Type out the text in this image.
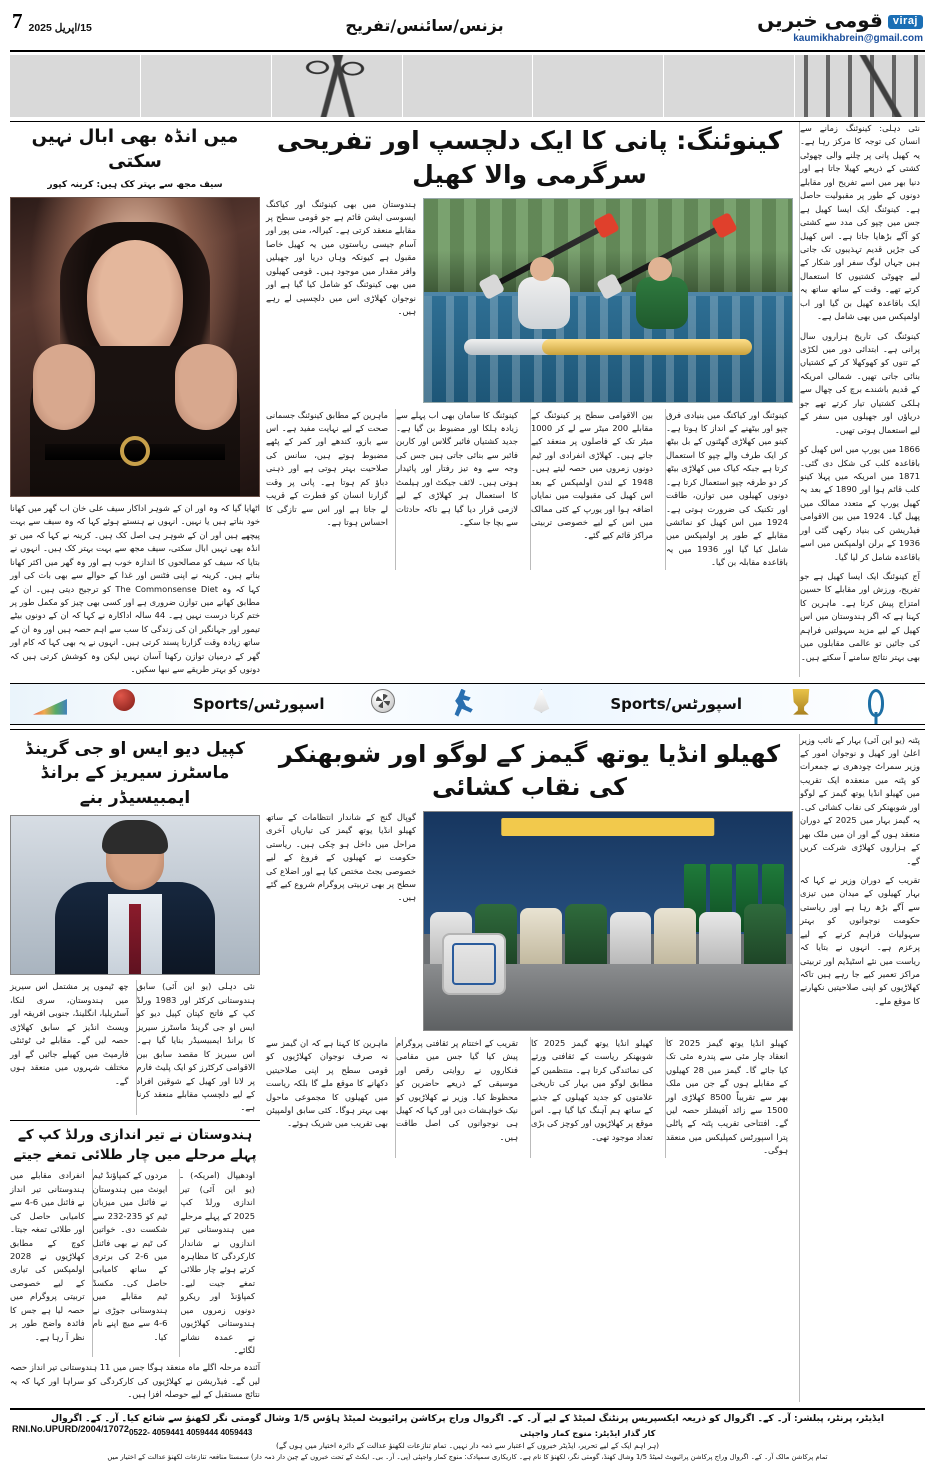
7 15/اپریل 2025	بزنس/سائنس/تفریح	virajقومی خبریں
kaumikhabrein@gmail.com
میں انڈہ بھی ابال نہیں سکتی
سیف مجھ سے بہتر کک ہیں: کرینہ کپور
اٹھایا گیا کہ وہ اور ان کے شوہر اداکار سیف علی خان اب گھر میں کھانا خود بناتے ہیں یا نہیں۔ انہوں نے ہنستے ہوئے کہا کہ وہ سیف سے بہت پیچھے ہیں اور ان کے شوہر ہی اصل کک ہیں۔ کرینہ نے کہا کہ میں تو انڈہ بھی نہیں ابال سکتی، سیف مجھ سے بہت بہتر کک ہیں۔ انہوں نے بتایا کہ سیف کو مصالحوں کا اندازہ خوب ہے اور وہ گھر میں اکثر کھانا بناتے ہیں۔ کرینہ نے اپنی فٹنس اور غذا کے حوالے سے بھی بات کی اور کہا کہ وہ The Commonsense Diet کو ترجیح دیتی ہیں۔ ان کے مطابق کھانے میں توازن ضروری ہے اور کسی بھی چیز کو مکمل طور پر ختم کرنا درست نہیں ہے۔ 44 سالہ اداکارہ نے کہا کہ ان کے دونوں بیٹے تیمور اور جہانگیر ان کی زندگی کا سب سے اہم حصہ ہیں اور وہ ان کے ساتھ زیادہ وقت گزارنا پسند کرتی ہیں۔ انہوں نے یہ بھی کہا کہ کام اور گھر کے درمیان توازن رکھنا آسان نہیں لیکن وہ کوشش کرتی ہیں کہ دونوں کو بہتر طریقے سے نبھا سکیں۔
کینوئنگ: پانی کا ایک دلچسپ اور تفریحی سرگرمی والا کھیل
ہندوستان میں بھی کینوئنگ اور کیاکنگ ایسوسی ایشن قائم ہے جو قومی سطح پر مقابلے منعقد کرتی ہے۔ کیرالہ، منی پور اور آسام جیسی ریاستوں میں یہ کھیل خاصا مقبول ہے کیونکہ وہاں دریا اور جھیلیں وافر مقدار میں موجود ہیں۔ قومی کھیلوں میں بھی کینوئنگ کو شامل کیا گیا ہے اور نوجوان کھلاڑی اس میں دلچسپی لے رہے ہیں۔
ماہرین کے مطابق کینوئنگ جسمانی صحت کے لیے نہایت مفید ہے۔ اس سے بازو، کندھے اور کمر کے پٹھے مضبوط ہوتے ہیں، سانس کی صلاحیت بہتر ہوتی ہے اور ذہنی دباؤ کم ہوتا ہے۔ پانی پر وقت گزارنا انسان کو فطرت کے قریب لے جاتا ہے اور اس سے تازگی کا احساس ہوتا ہے۔
کینوئنگ کا سامان بھی اب پہلے سے زیادہ ہلکا اور مضبوط بن گیا ہے۔ جدید کشتیاں فائبر گلاس اور کاربن فائبر سے بنائی جاتی ہیں جس کی وجہ سے وہ تیز رفتار اور پائیدار ہوتی ہیں۔ لائف جیکٹ اور ہیلمٹ کا استعمال ہر کھلاڑی کے لیے لازمی قرار دیا گیا ہے تاکہ حادثات سے بچا جا سکے۔
بین الاقوامی سطح پر کینوئنگ کے مقابلے 200 میٹر سے لے کر 1000 میٹر تک کے فاصلوں پر منعقد کیے جاتے ہیں۔ کھلاڑی انفرادی اور ٹیم دونوں زمروں میں حصہ لیتے ہیں۔ 1948 کے لندن اولمپکس کے بعد اس کھیل کی مقبولیت میں نمایاں اضافہ ہوا اور یورپ کے کئی ممالک میں اس کے لیے خصوصی تربیتی مراکز قائم کیے گئے۔
کینوئنگ اور کیاکنگ میں بنیادی فرق چپو اور بیٹھنے کے انداز کا ہوتا ہے۔ کینو میں کھلاڑی گھٹنوں کے بل بیٹھ کر ایک طرف والے چپو کا استعمال کرتا ہے جبکہ کیاک میں کھلاڑی بیٹھ کر دو طرفہ چپو استعمال کرتا ہے۔ دونوں کھیلوں میں توازن، طاقت اور تکنیک کی ضرورت ہوتی ہے۔ 1924 میں اس کھیل کو نمائشی مقابلے کے طور پر اولمپکس میں شامل کیا گیا اور 1936 میں یہ باقاعدہ مقابلہ بن گیا۔
نئی دہلی: کینوئنگ زمانے سے انسان کی توجہ کا مرکز رہا ہے۔ یہ کھیل پانی پر چلنے والی چھوٹی کشتی کے ذریعے کھیلا جاتا ہے اور دنیا بھر میں اسے تفریح اور مقابلے دونوں کے طور پر مقبولیت حاصل ہے۔ کینوئنگ ایک ایسا کھیل ہے جس میں چپو کی مدد سے کشتی کو آگے بڑھایا جاتا ہے۔ اس کھیل کی جڑیں قدیم تہذیبوں تک جاتی ہیں جہاں لوگ سفر اور شکار کے لیے چھوٹی کشتیوں کا استعمال کرتے تھے۔ وقت کے ساتھ ساتھ یہ ایک باقاعدہ کھیل بن گیا اور اب اولمپکس میں بھی شامل ہے۔
کینوئنگ کی تاریخ ہزاروں سال پرانی ہے۔ ابتدائی دور میں لکڑی کے تنوں کو کھوکھلا کر کے کشتیاں بنائی جاتی تھیں۔ شمالی امریکہ کے قدیم باشندے برچ کی چھال سے ہلکی کشتیاں تیار کرتے تھے جو دریاؤں اور جھیلوں میں سفر کے لیے استعمال ہوتی تھیں۔
1866 میں یورپ میں اس کھیل کو باقاعدہ کلب کی شکل دی گئی۔ 1871 میں امریکہ میں پہلا کینو کلب قائم ہوا اور 1890 کے بعد یہ کھیل یورپ کے متعدد ممالک میں پھیل گیا۔ 1924 میں بین الاقوامی فیڈریشن کی بنیاد رکھی گئی اور 1936 کے برلن اولمپکس میں اسے باقاعدہ شامل کر لیا گیا۔
آج کینوئنگ ایک ایسا کھیل ہے جو تفریح، ورزش اور مقابلے کا حسین امتزاج پیش کرتا ہے۔ ماہرین کا کہنا ہے کہ اگر ہندوستان میں اس کھیل کے لیے مزید سہولتیں فراہم کی جائیں تو عالمی مقابلوں میں بھی بہتر نتائج سامنے آ سکتے ہیں۔
اسپورٹس/Sports	اسپورٹس/Sports
کپیل دیو ایس او جی گرینڈ ماسٹرز سیریز کے برانڈ ایمبیسیڈر بنے
چھ ٹیموں پر مشتمل اس سیریز میں ہندوستان، سری لنکا، آسٹریلیا، انگلینڈ، جنوبی افریقہ اور ویسٹ انڈیز کے سابق کھلاڑی حصہ لیں گے۔ مقابلے ٹی ٹوئنٹی فارمیٹ میں کھیلے جائیں گے اور مختلف شہروں میں منعقد ہوں گے۔
نئی دہلی (یو این آئی) سابق ہندوستانی کرکٹر اور 1983 ورلڈ کپ کے فاتح کپتان کپیل دیو کو ایس او جی گرینڈ ماسٹرز سیریز کا برانڈ ایمبیسیڈر بنایا گیا ہے۔ اس سیریز کا مقصد سابق بین الاقوامی کرکٹرز کو ایک پلیٹ فارم پر لانا اور کھیل کے شوقین افراد کے لیے دلچسپ مقابلے منعقد کرنا ہے۔
ہندوستان نے تیر اندازی ورلڈ کپ کے پہلے مرحلے میں چار طلائی تمغے جیتے
انفرادی مقابلے میں ہندوستانی تیر انداز نے فائنل میں 6-4 سے کامیابی حاصل کی اور طلائی تمغہ جیتا۔ کوچ کے مطابق کھلاڑیوں نے 2028 اولمپکس کی تیاری کے لیے خصوصی تربیتی پروگرام میں حصہ لیا ہے جس کا فائدہ واضح طور پر نظر آ رہا ہے۔
مردوں کے کمپاؤنڈ ٹیم ایونٹ میں ہندوستان نے فائنل میں میزبان ٹیم کو 235-232 سے شکست دی۔ خواتین کی ٹیم نے بھی فائنل میں 6-2 کی برتری کے ساتھ کامیابی حاصل کی۔ مکسڈ ٹیم مقابلے میں ہندوستانی جوڑی نے 6-4 سے میچ اپنے نام کیا۔
اودھیپال (امریکہ) ـ (یو این آئی) تیر اندازی ورلڈ کپ 2025 کے پہلے مرحلے میں ہندوستانی تیر اندازوں نے شاندار کارکردگی کا مظاہرہ کرتے ہوئے چار طلائی تمغے جیت لیے۔ کمپاؤنڈ اور ریکرو دونوں زمروں میں ہندوستانی کھلاڑیوں نے عمدہ نشانے لگائے۔
آئندہ مرحلہ اگلے ماہ منعقد ہوگا جس میں 11 ہندوستانی تیر انداز حصہ لیں گے۔ فیڈریشن نے کھلاڑیوں کی کارکردگی کو سراہا اور کہا کہ یہ نتائج مستقبل کے لیے حوصلہ افزا ہیں۔
کھیلو انڈیا یوتھ گیمز کے لوگو اور شوبھنکر کی نقاب کشائی
گوپال گنج کے شاندار انتظامات کے ساتھ کھیلو انڈیا یوتھ گیمز کی تیاریاں آخری مراحل میں داخل ہو چکی ہیں۔ ریاستی حکومت نے کھیلوں کے فروغ کے لیے خصوصی بجٹ مختص کیا ہے اور اضلاع کی سطح پر بھی تربیتی پروگرام شروع کیے گئے ہیں۔
ماہرین کا کہنا ہے کہ ان گیمز سے نہ صرف نوجوان کھلاڑیوں کو قومی سطح پر اپنی صلاحیتیں دکھانے کا موقع ملے گا بلکہ ریاست میں کھیلوں کا مجموعی ماحول بھی بہتر ہوگا۔ کئی سابق اولمپیئن بھی تقریب میں شریک ہوئے۔
تقریب کے اختتام پر ثقافتی پروگرام پیش کیا گیا جس میں مقامی فنکاروں نے روایتی رقص اور موسیقی کے ذریعے حاضرین کو محظوظ کیا۔ وزیر نے کھلاڑیوں کو نیک خواہشات دیں اور کہا کہ کھیل ہی نوجوانوں کی اصل طاقت ہیں۔
کھیلو انڈیا یوتھ گیمز 2025 کا شوبھنکر ریاست کے ثقافتی ورثے کی نمائندگی کرتا ہے۔ منتظمین کے مطابق لوگو میں بہار کی تاریخی علامتوں کو جدید کھیلوں کے جذبے کے ساتھ ہم آہنگ کیا گیا ہے۔ اس موقع پر کھلاڑیوں اور کوچز کی بڑی تعداد موجود تھی۔
کھیلو انڈیا یوتھ گیمز 2025 کا انعقاد چار مئی سے پندرہ مئی تک کیا جائے گا۔ گیمز میں 28 کھیلوں کے مقابلے ہوں گے جن میں ملک بھر سے تقریباً 8500 کھلاڑی اور 1500 سے زائد آفیشلز حصہ لیں گے۔ افتتاحی تقریب پٹنہ کے پاٹلی پترا اسپورٹس کمپلیکس میں منعقد ہوگی۔
پٹنہ (یو این آئی) بہار کے نائب وزیر اعلیٰ اور کھیل و نوجوان امور کے وزیر سمراٹ چودھری نے جمعرات کو پٹنہ میں منعقدہ ایک تقریب میں کھیلو انڈیا یوتھ گیمز کے لوگو اور شوبھنکر کی نقاب کشائی کی۔ یہ گیمز بہار میں 2025 کے دوران منعقد ہوں گے اور ان میں ملک بھر کے ہزاروں کھلاڑی شرکت کریں گے۔
تقریب کے دوران وزیر نے کہا کہ بہار کھیلوں کے میدان میں تیزی سے آگے بڑھ رہا ہے اور ریاستی حکومت نوجوانوں کو بہتر سہولیات فراہم کرنے کے لیے پرعزم ہے۔ انہوں نے بتایا کہ ریاست میں نئے اسٹیڈیم اور تربیتی مراکز تعمیر کیے جا رہے ہیں تاکہ کھلاڑیوں کو اپنی صلاحیتیں نکھارنے کا موقع ملے۔
ایڈیٹر، پرنٹر، پبلشر: آر۔ کے۔ اگروال کو ذریعہ ایکسپریس پرنٹنگ لمیٹڈ کے لیے آر۔ کے۔ اگروال وراج پرکاشن پرائیویٹ لمیٹڈ ہاؤس 1/5 وشال گومتی نگر لکھنؤ سے شائع کیا۔ آر۔ کے۔ اگروال
RNI.No.UPURD/2004/17072	کار گذار ایڈیٹر: منوج کمار واجپئی
0522- 4059441 4059444 4059443
(ہر اہم ایک کے لیے تحریر، ایڈیٹر خبروں کے اعتبار سے ذمہ دار نہیں۔ تمام تنازعات لکھنؤ عدالت کے دائرہ اختیار میں ہوں گے)
تمام پرکاشن مالک آر۔ کے۔ اگروال وراج پرکاشن پرائیویٹ لمیٹڈ 1/5 وشال کھنڈ، گومتی نگر، لکھنؤ کا نام ہے۔ کاریکاری سمپادک: منوج کمار واجپئی (پی۔ آر۔ بی۔ ایکٹ کے تحت خبروں کے چین دار ذمہ دار) سمستا منافعہ تنازعات لکھنؤ عدالت کے اختیار میں
